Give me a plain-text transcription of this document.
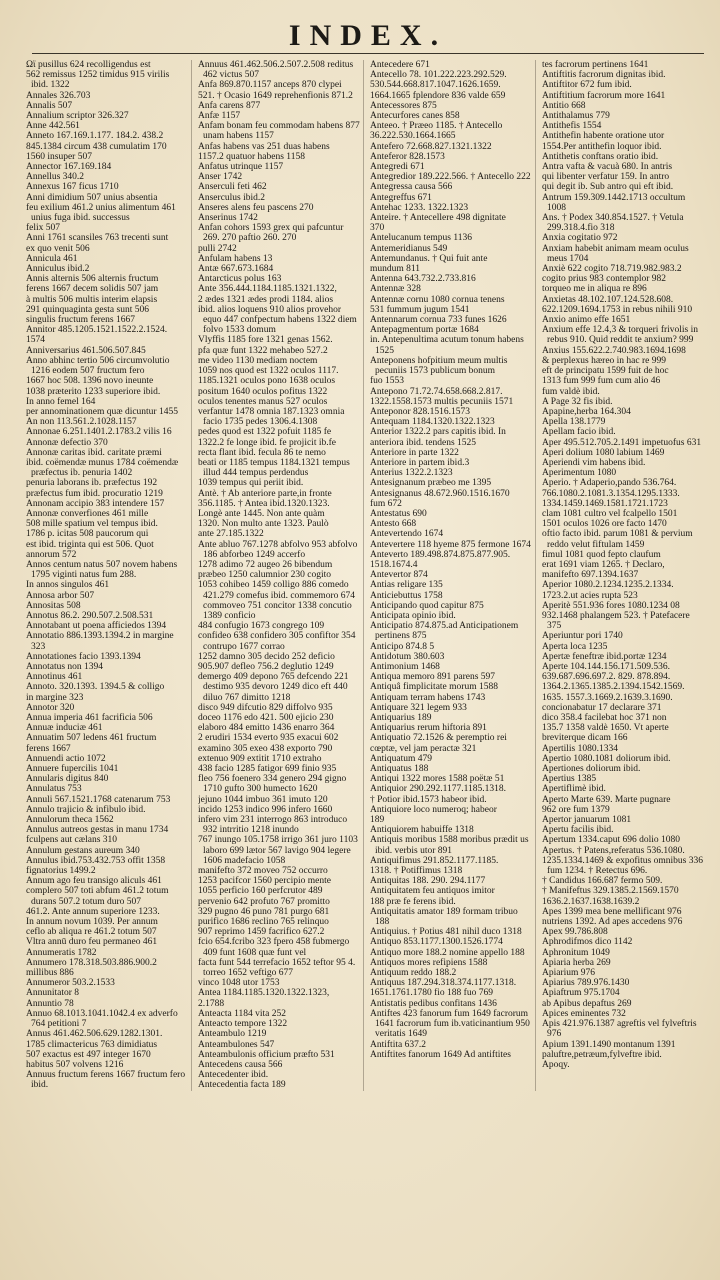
INDEX.
Ωϊ pusillus 624 recolligendus est
562 remissus 1252 timidus 915 virilis ibid. 1322
Annales 326.703
Annalis 507
Annalium scriptor 326.327
Anne 442.561
Anneto 167.169.1.177. 184.2. 438.2
845.1384 circum 438 cumulatim 170
1560 insuper 507
Annector 167.169.184
Annellus 340.2
Annexus 167 ficus 1710
Anni dimidium 507 unius absentia
feu exilium 461.2 unius alimentum 461 unius fuga ibid. successus
felix 507
Anni 1761 scansiles 763 trecenti sunt
ex quo venit 506
Annicula 461
Anniculus ibid.2
Annis alternis 506 alternis fructum
ferens 1667 decem solidis 507 jam
à multis 506 multis interim elapsis
291 quinquaginta gesta sunt 506
singulis fructum ferens 1667
Annitor 485.1205.1521.1522.2.1524.
1574
Anniversarius 461.506.507.845
Anno abhinc tertio 506 circumvolutio 1216 eodem 507 fructum fero
1667 hoc 508. 1396 novo ineunte
1038 præterito 1233 superiore ibid.
In anno femel 164
per annominationem quæ dicuntur 1455
An non 113.561.2.1028.1157
Annonae 6.251.1401.2.1783.2 vilis 16
Annonæ defectio 370
Annonæ caritas ibid. caritate præmi
ibid. coëmendæ munus 1784 coëmendæ præfectus ib. penuria 1402
penuria laborans ib. præfectus 192
præfectus fum ibid. procuratio 1219
Annonam accipio 383 intendere 157
Annonæ converfiones 461 mille
508 mille spatium vel tempus ibid.
1786 p. icitas 508 paucorum qui
est ibid. triginta qui est 506. Quot
annorum 572
Annos centum natus 507 novem habens 1795 viginti natus fum 288.
In annos singulos 461
Annosa arbor 507
Annositas 508
Annotus 86.2. 290.507.2.508.531
Annotabant ut poena afficiedos 1394
Annotatio 886.1393.1394.2 in margine 323
Annotationes facio 1393.1394
Annotatus non 1394
Annotinus 461
Annoto. 320.1393. 1394.5 & colligo
in margine 323
Annotor 320
Annua imperia 461 facrificia 506
Annuæ induciæ 461
Annuatim 507 ledens 461 fructum
ferens 1667
Annuendi actio 1072
Annuere fupercilis 1041
Annularis digitus 840
Annulatus 753
Annuli 567.1521.1768 catenarum 753
Annulo trajicio & infibulo ibid.
Annulorum theca 1562
Annulus autreos gestas in manu 1734
fculpens aut cælans 310
Annulum gestans aureum 340
Annulus ibid.753.432.753 offit 1358
fignatorius 1499.2
Annum ago feu transigo aliculs 461
complero 507 toti abfum 461.2 totum durans 507.2 totum duro 507
461.2. Ante annum superiore 1233.
In annum novum 1039. Per annum
ceflo ab aliqua re 461.2 totum 507
Vltra annū duro feu permaneo 461
Annumeratis 1782
Annumero 178.318.503.886.900.2
millibus 886
Annumeror 503.2.1533
Annunitator 8
Annuntio 78
Annuo 68.1013.1041.1042.4 ex adverfo 764 petitioni 7
Annus 461.462.506.629.1282.1301.
1785 climactericus 763 dimidiatus
507 exactus est 497 integer 1670
habitus 507 volvens 1216
Annuus fructum ferens 1667 fructum fero ibid.
Annuus 461.462.506.2.507.2.508 reditus 462 victus 507
Anfa 869.870.1157 anceps 870 clypei
521. † Ocasio 1649 reprehenfionis 871.2
Anfa carens 877
Anfæ 1157
Anfam bonam feu commodam habens 877 unam habens 1157
Anfas habens vas 251 duas habens
1157.2 quatuor habens 1158
Anfatus utrinque 1157
Anser 1742
Anserculi feti 462
Anserculus ibid.2
Anseres alens feu pascens 270
Anserinus 1742
Anfan cohors 1593 grex qui pafcuntur 269. 270 paftio 260. 270
pulli 2742
Anfulam habens 13
Antæ 667.673.1684
Antarcticus polus 163
Ante 356.444.1184.1185.1321.1322,
2 ædes 1321 ædes prodi 1184. alios
ibid. alios loquens 910 alios provehor equo 447 confpectum habens 1322 diem folvo 1533 domum
Vlyffis 1185 fore 1321 genas 1562.
pfa quæ funt 1322 mehabeo 527.2
me video 1130 mediam noctem
1059 nos quod est 1322 oculos 1117.
1185.1321 oculos pono 1638 oculos
positum 1640 oculos pofitus 1322
oculos tenentes manus 527 oculos
verfantur 1478 omnia 187.1323 omnia facio 1735 pedes 1306.4.1308
pedes quod est 1322 pofuit 1185 fe
1322.2 fe longe ibid. fe projicit ib.fe
recta flant ibid. fecula 86 te nemo
beati or 1185 tempus 1184.1321 tempus illud 444 tempus perdendus
1039 tempus qui periit ibid.
Antè. † Ab anteriore parte,in fronte
356.1185. † Antea ibid.1320.1323.
Longè ante 1445. Non ante quàm
1320. Non multo ante 1323. Paulò
ante 27.185.1322
Ante abluo 767.1278 abfolvo 953 abfolvo 186 abforbeo 1249 accerfo
1278 adimo 72 augeo 26 bibendum
præbeo 1250 calumnior 230 cogito
1053 cohibeo 1459 colligo 886 comedo 421.279 comefus ibid. commemoro 674 commoveo 751 concitor 1338 concutio 1389 conficio
484 confugio 1673 congrego 109
confideo 638 confidero 305 confiftor 354 contrupo 1677 corrao
1252 damno 305 decido 252 deficio
905.907 defleo 756.2 deglutio 1249
demergo 409 depono 765 defcendo 221 destimo 935 devoro 1249 dico eft 440 diluo 767 dimitto 1218
disco 949 difcutio 829 diffolvo 935
doceo 1176 edo 421. 500 ejicio 230
elaboro 484 emitto 1436 enarro 364
2 erudiri 1534 everto 935 exacui 602
examino 305 exeo 438 exporto 790
extenuo 909 extitit 1710 extraho
438 facio 1285 fatigor 699 finio 935
fleo 756 foenero 334 genero 294 gigno 1710 gufto 300 humecto 1620
jejuno 1044 imbuo 361 imuto 120
incido 1253 indico 996 infero 1660
infero vim 231 interrogo 863 introduco 932 intrritio 1218 inundo
767 inungo 105.1758 irrigo 361 juro 1103 laboro 699 lætor 567 lavigo 904 legere 1606 madefacio 1058
manifefto 372 moveo 752 occurro
1253 pacifcor 1560 percipio mente
1055 perficio 160 perfcrutor 489
pervenio 642 profuto 767 promitto
329 pugno 46 puno 781 purgo 681
purifico 1686 reclino 765 relinquo
907 reprimo 1459 facrifico 627.2
fcio 654.fcribo 323 fpero 458 fubmergo 409 funt 1608 quæ funt vel
facta funt 544 terrefacio 1652 teftor 95 4. torreo 1652 veftigo 677
vinco 1048 utor 1753
Antea 1184.1185.1320.1322.1323,
2.1788
Anteacta 1184 vita 252
Anteacto tempore 1322
Anteambulo 1219
Anteambulones 547
Anteambulonis officium præfto 531
Antecedens causa 566
Antecedenter ibid.
Antecedentia facta 189
Antecedere 671
Antecello 78. 101.222.223.292.529.
530.544.668.817.1047.1626.1659.
1664.1665 fplendore 836 valde 659
Antecessores 875
Antecurfores canes 858
Anteeo. † Præeo 1185. † Antecello
36.222.530.1664.1665
Antefero 72.668.827.1321.1322
Anteferor 828.1573
Antegredi 671
Antegredior 189.222.566. † Antecello 222
Antegressa causa 566
Antegreffus 671
Antehac 1233. 1322.1323
Anteire. † Antecellere 498 dignitate
370
Antelucanum tempus 1136
Antemeridianus 549
Antemundanus. † Qui fuit ante
mundum 811
Antenna 643.732.2.733.816
Antennæ 328
Antennæ cornu 1080 cornua tenens
531 fummum jugum 1541
Antennarum cornua 733 funes 1626
Antepagmentum portæ 1684
in. Antepenultima acutum tonum habens 1525
Anteponens hofpitium meum multis pecuniis 1573 publicum bonum
fuo 1553
Antepono 71.72.74.658.668.2.817.
1322.1558.1573 multis pecuniis 1571
Anteponor 828.1516.1573
Antequam 1184.1320.1322.1323
Anterior 1322.2 pars capitis ibid. In
anteriora ibid. tendens 1525
Anteriore in parte 1322
Anteriore in partem ibid.3
Anterius 1322.2.1323
Antesignanum præbeo me 1395
Antesignanus 48.672.960.1516.1670
fum 672
Antestatus 690
Antesto 668
Antevertendo 1674
Antevertere 118 hyeme 875 fermone 1674
Anteverto 189.498.874.875.877.905.
1518.1674.4
Antevertor 874
Antias religare 135
Anticiebuttus 1758
Anticipando quod capitur 875
Anticipata opinio ibid.
Anticipatio 874.875.ad Anticipationem pertinens 875
Anticipo 874.8 5
Antidotum 380.603
Antimonium 1468
Antiqua memoro 891 parens 597
Antiquâ fimplicitate morum 1588
Antiquam terram habens 1743
Antiquare 321 legem 933
Antiquarius 189
Antiquarius rerum hiftoria 891
Antiquatio 72.1526 & peremptio rei
cœptæ, vel jam peractæ 321
Antiquatum 479
Antiquatus 188
Antiqui 1322 mores 1588 poëtæ 51
Antiquior 290.292.1177.1185.1318.
† Potior ibid.1573 habeor ibid.
Antiquiore loco numeroq; habeor
189
Antiquiorem habuiffe 1318
Antiquis moribus 1588 moribus prædit us ibid. verbis utor 891
Antiquifimus 291.852.1177.1185.
1318. † Potiffimus 1318
Antiquitas 188. 290. 294.1177
Antiquitatem feu antiquos imitor
188 præ fe ferens ibid.
Antiquitatis amator 189 formam tribuo 188
Antiquius. † Potius 481 nihil duco 1318
Antiquo 853.1177.1300.1526.1774
Antiquo more 188.2 nomine appello 188
Antiquos mores refipiens 1588
Antiquum reddo 188.2
Antiquus 187.294.318.374.1177.1318.
1651.1761.1780 fio 188 fuo 769
Antistatis pedibus confitans 1436
Antiftes 423 fanorum fum 1649 facrorum 1641 facrorum fum ib.vaticinantium 950 veritatis 1649
Antiftita 637.2
Antiftites fanorum 1649 Ad antiftites
tes facrorum pertinens 1641
Antiftitis facrorum dignitas ibid.
Antiftitor 672 fum ibid.
Antiftitium facrorum more 1641
Antitio 668
Antithalamus 779
Antithefis 1554
Antithefin habente oratione utor
1554.Per antithefin loquor ibid.
Antithetis conftans oratio ibid.
Antra vafta & vacuà 680. In antris
qui libenter verfatur 159. In antro
qui degit ib. Sub antro qui eft ibid.
Antrum 159.309.1442.1713 occultum 1008
Ans. † Podex 340.854.1527. † Vetula 299.318.4.fio 318
Anxia cogitatio 972
Anxiam habebit animam meam oculus meus 1704
Anxiè 622 cogito 718.719.982.983.2
cogito prius 983 contemplor 982
torqueo me in aliqua re 896
Anxietas 48.102.107.124.528.608.
622.1209.1694.1753 in rebus nihili 910
Anxio animo effe 1651
Anxium effe 12.4,3 & torqueri frivolis in rebus 910. Quid reddit te anxium? 999
Anxius 155.622.2.740.983.1694.1698
& perplexus hæreo in hac re 999
eft de principatu 1599 fuit de hoc
1313 fum 999 fum cum alio 46
fum valdè ibid.
A Page 32 fis ibid.
Apapine,herba 164.304
Apella 138.1779
Apellam facio ibid.
Aper 495.512.705.2.1491 impetuofus 631
Aperi dolium 1080 labium 1469
Aperiendi vim habens ibid.
Aperimentum 1080
Aperio. † Adaperio,pando 536.764.
766.1080.2.1081.3.1354.1295.1333.
1334.1459.1469.1581.1721.1723
clam 1081 cultro vel fcalpello 1501
1501 oculos 1026 ore facto 1470
oftio facto ibid. parum 1081 & pervium reddo velut fiftulam 1459
fimul 1081 quod fepto claufum
erat 1691 viam 1265. † Declaro,
manifefto 697.1394.1637
Aperior 1080.2.1234.1235.2.1334.
1723.2.ut acies rupta 523
Aperitè 551.936 fores 1080.1234 08
932.1468 phalangem 523. † Patefacere 375
Aperiuntur pori 1740
Aperta loca 1235
Apertæ feneftræ ibid.portæ 1234
Aperte 104.144.156.171.509.536.
639.687.696.697.2. 829. 878.894.
1364.2.1365.1385.2.1394.1542.1569.
1635. 1557.3.1669.2.1639.3.1690.
concionabatur 17 declarare 371
dico 358.4 facilebat hoc 371 non
135.7 1358 valdè 1650. Vt aperte
breviterque dicam 166
Apertilis 1080.1334
Apertio 1080.1081 doliorum ibid.
Apertiones doliorum ibid.
Apertius 1385
Apertiflimè ibid.
Aperto Marte 639. Marte pugnare
962 ore fum 1379
Apertor januarum 1081
Apertu facilis ibid.
Apertum 1334.caput 696 dolio 1080
Apertus. † Patens,referatus 536.1080.
1235.1334.1469 & expofitus omnibus 336 fum 1234. † Retectus 696.
† Candidus 166.687 fermo 509.
† Manifeftus 329.1385.2.1569.1570
1636.2.1637.1638.1639.2
Apes 1399 mea bene mellificant 976
nutriens 1392. Ad apes accedens 976
Apex 99.786.808
Aphrodifmos dico 1142
Aphronitum 1049
Apiaria herba 269
Apiarium 976
Apiarius 789.976.1430
Apiaftrum 975.1704
ab Apibus depaftus 269
Apices eminentes 732
Apis 421.976.1387 agreftis vel fylveftris 976
Apium 1391.1490 montanum 1391
paluftre,petræum,fylveftre ibid.
Apoqy.
